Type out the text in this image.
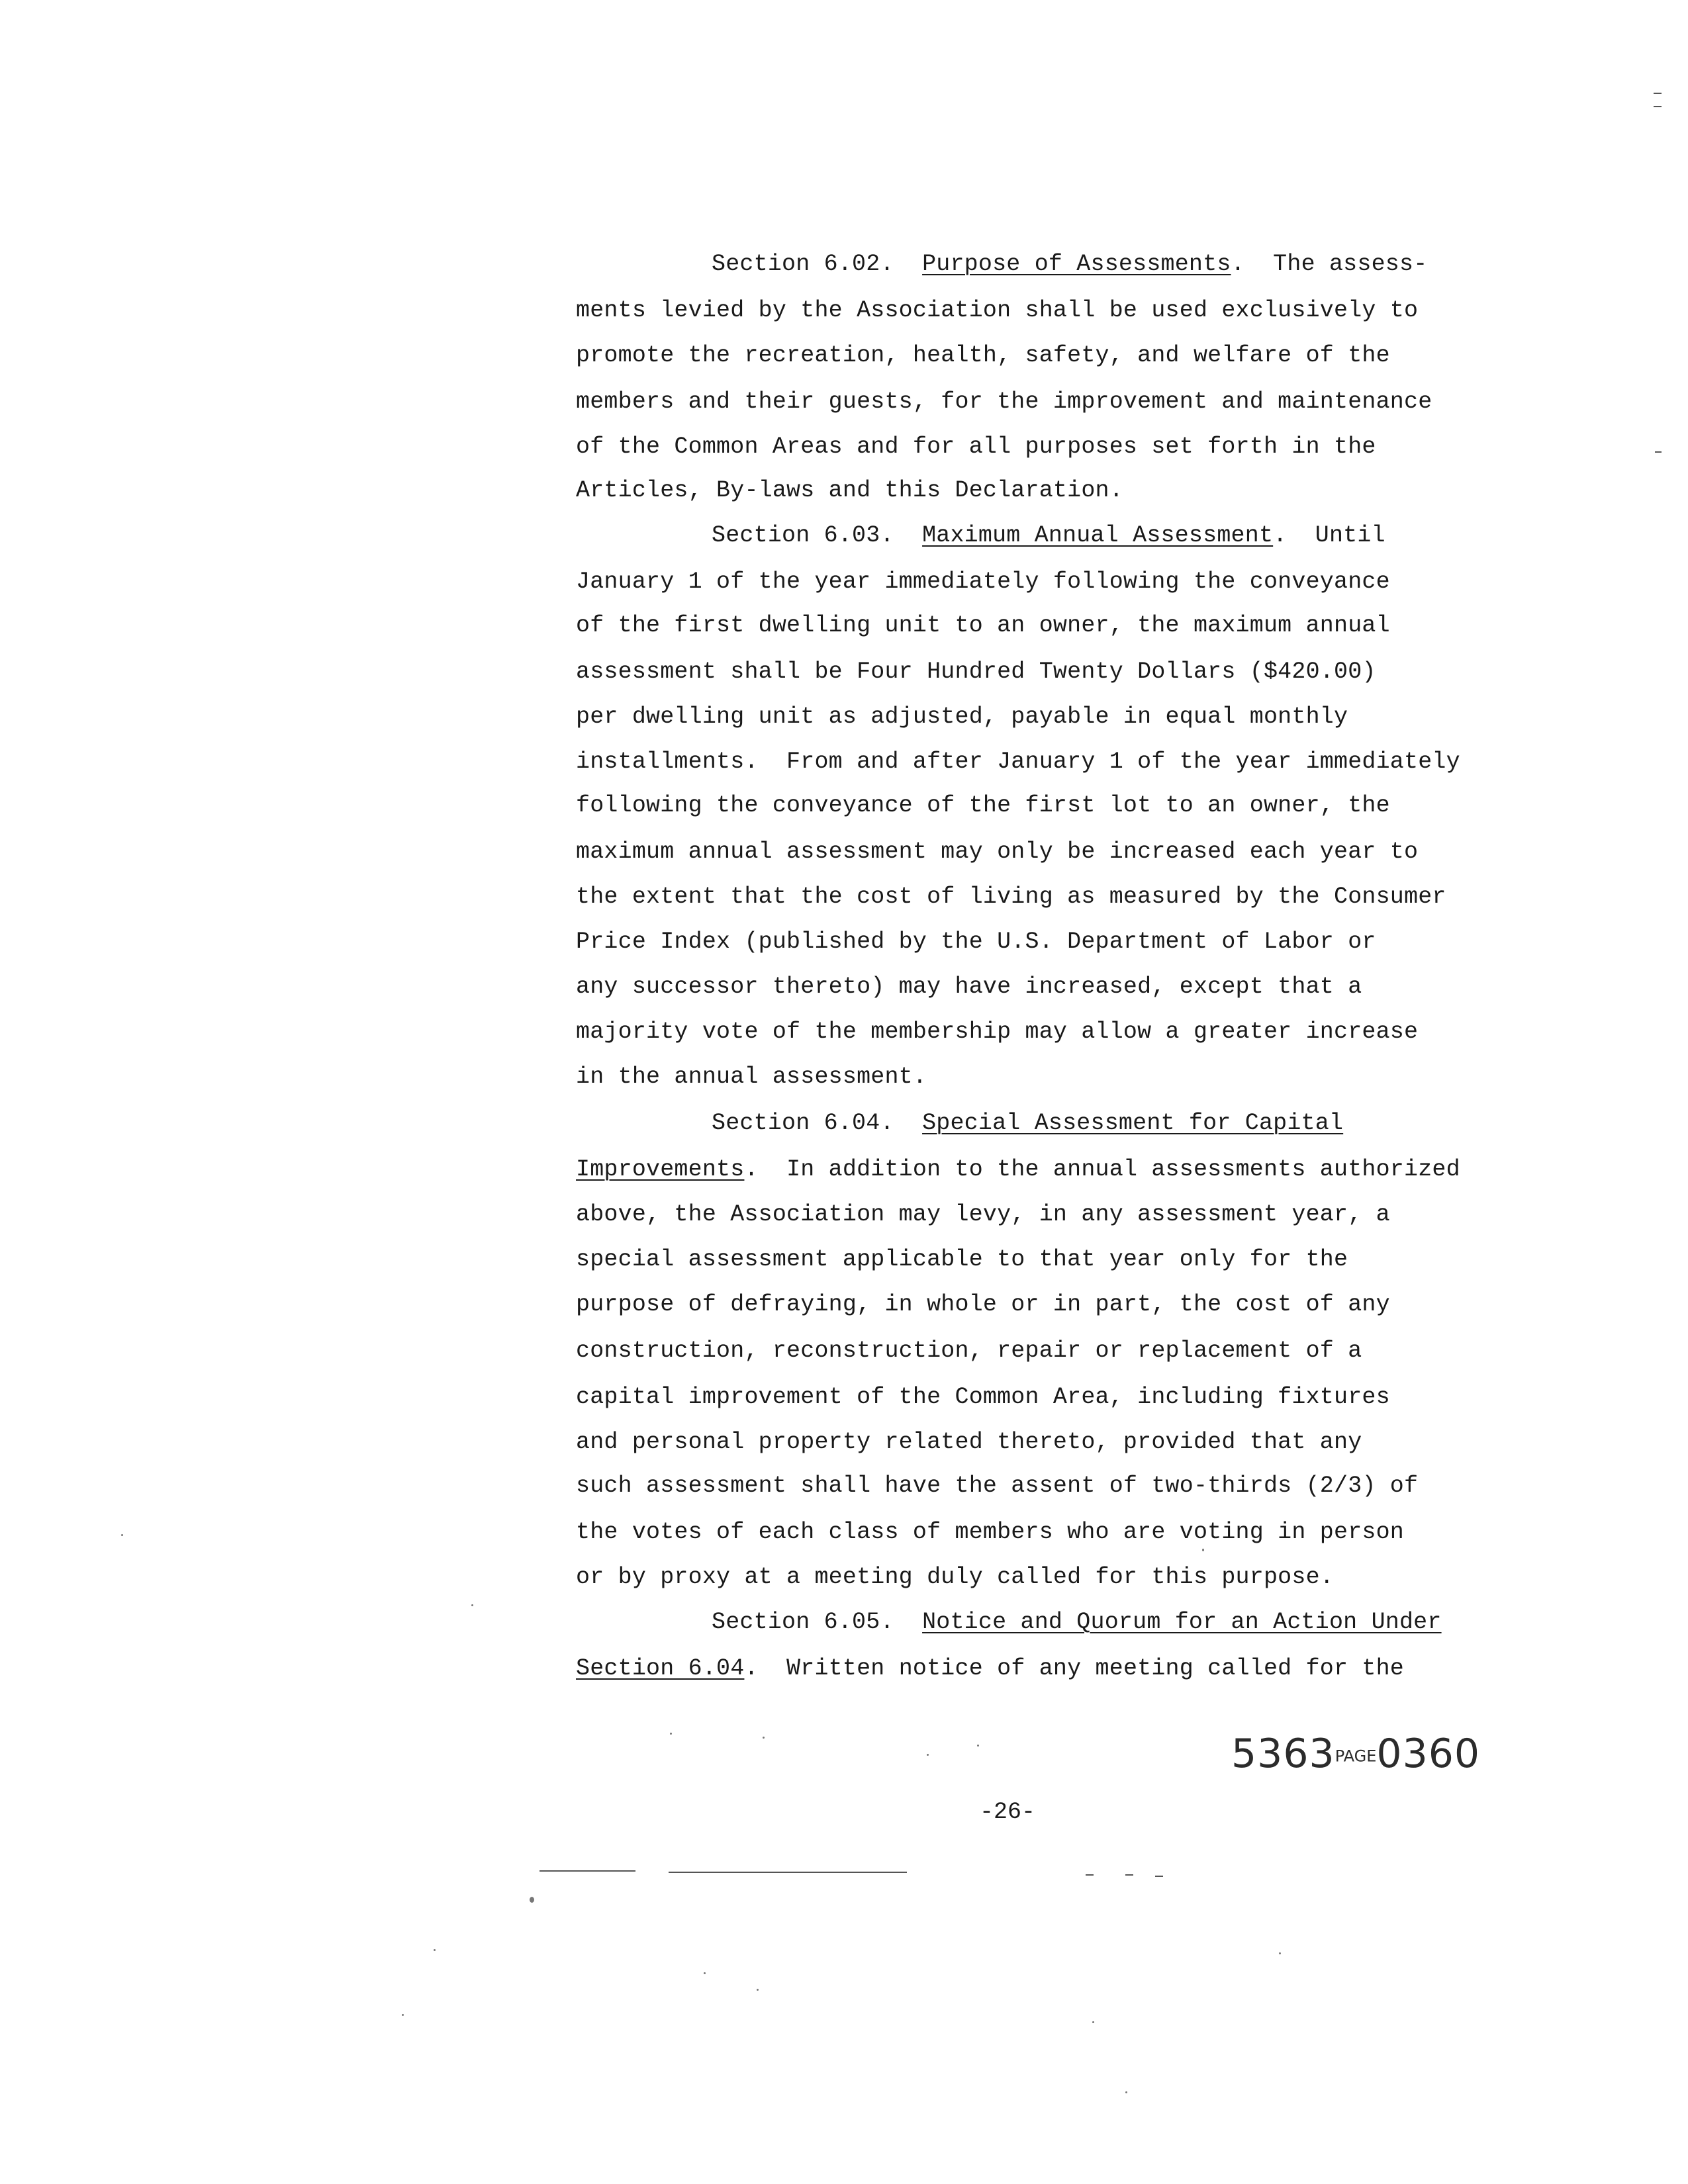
Section 6.02.  Purpose of Assessments.  The assess-

ments levied by the Association shall be used exclusively to

promote the recreation, health, safety, and welfare of the

members and their guests, for the improvement and maintenance

of the Common Areas and for all purposes set forth in the

Articles, By-laws and this Declaration.

Section 6.03.  Maximum Annual Assessment.  Until

January 1 of the year immediately following the conveyance

of the first dwelling unit to an owner, the maximum annual

assessment shall be Four Hundred Twenty Dollars ($420.00)

per dwelling unit as adjusted, payable in equal monthly

installments.  From and after January 1 of the year immediately

following the conveyance of the first lot to an owner, the

maximum annual assessment may only be increased each year to

the extent that the cost of living as measured by the Consumer

Price Index (published by the U.S. Department of Labor or

any successor thereto) may have increased, except that a

majority vote of the membership may allow a greater increase

in the annual assessment.

Section 6.04.  Special Assessment for Capital

Improvements.  In addition to the annual assessments authorized

above, the Association may levy, in any assessment year, a

special assessment applicable to that year only for the

purpose of defraying, in whole or in part, the cost of any

construction, reconstruction, repair or replacement of a

capital improvement of the Common Area, including fixtures

and personal property related thereto, provided that any

such assessment shall have the assent of two-thirds (2/3) of

the votes of each class of members who are voting in person

or by proxy at a meeting duly called for this purpose.

Section 6.05.  Notice and Quorum for an Action Under

Section 6.04.  Written notice of any meeting called for the

5363PAGE0360
-26-
